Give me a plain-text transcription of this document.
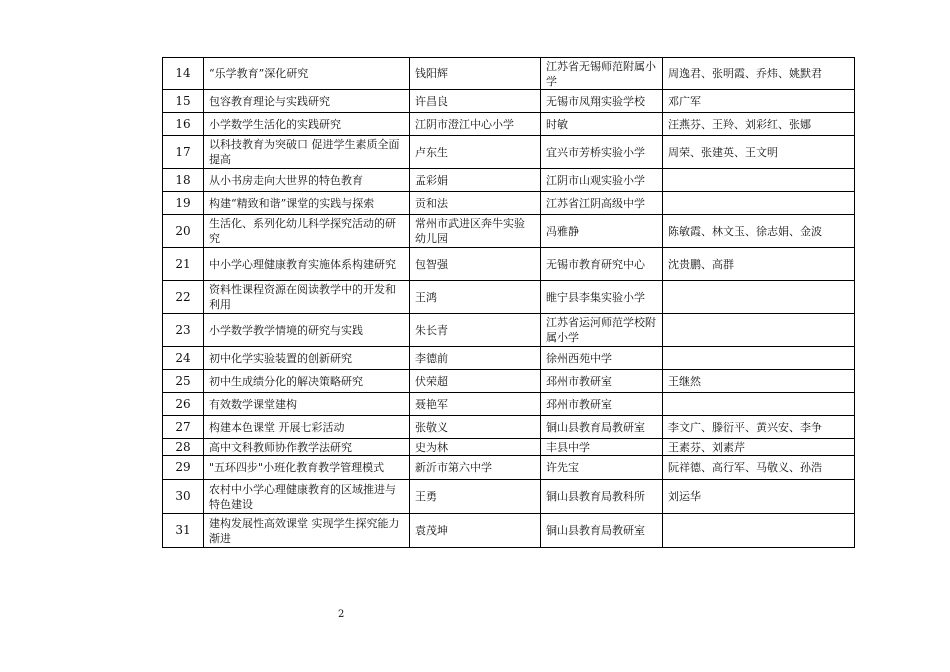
14	“乐学教育”深化研究	钱阳辉	江苏省无锡师范附属小学	周逸君、张明霞、乔炜、姚默君
15	包容教育理论与实践研究	许昌良	无锡市凤翔实验学校	邓广军
16	小学数学生活化的实践研究	江阴市澄江中心小学	时敏	汪燕芬、王羚、刘彩红、张娜
17	以科技教育为突破口 促进学生素质全面提高	卢东生	宜兴市芳桥实验小学	周荣、张建英、王文明
18	从小书房走向大世界的特色教育	孟彩娟	江阴市山观实验小学	
19	构建“精致和谐”课堂的实践与探索	贡和法	江苏省江阴高级中学	
20	生活化、系列化幼儿科学探究活动的研究	常州市武进区奔牛实验幼儿园	冯雅静	陈敏霞、林文玉、徐志娟、金波
21	中小学心理健康教育实施体系构建研究	包智强	无锡市教育研究中心	沈贵鹏、高群
22	资料性课程资源在阅读教学中的开发和利用	王鸿	睢宁县李集实验小学	
23	小学数学教学情境的研究与实践	朱长青	江苏省运河师范学校附属小学	
24	初中化学实验装置的创新研究	李德前	徐州西苑中学	
25	初中生成绩分化的解决策略研究	伏荣超	邳州市教研室	王继然
26	有效数学课堂建构	聂艳军	邳州市教研室	
27	构建本色课堂 开展七彩活动	张敬义	铜山县教育局教研室	李文广、滕衍平、黄兴安、李争
28	高中文科教师协作教学法研究	史为林	丰县中学	王素芬、刘素芹
29	"五环四步"小班化教育教学管理模式	新沂市第六中学	许先宝	阮祥德、高行军、马敬义、孙浩
30	农村中小学心理健康教育的区域推进与特色建设	王勇	铜山县教育局教科所	刘运华
31	建构发展性高效课堂 实现学生探究能力渐进	袁茂坤	铜山县教育局教研室	
2
